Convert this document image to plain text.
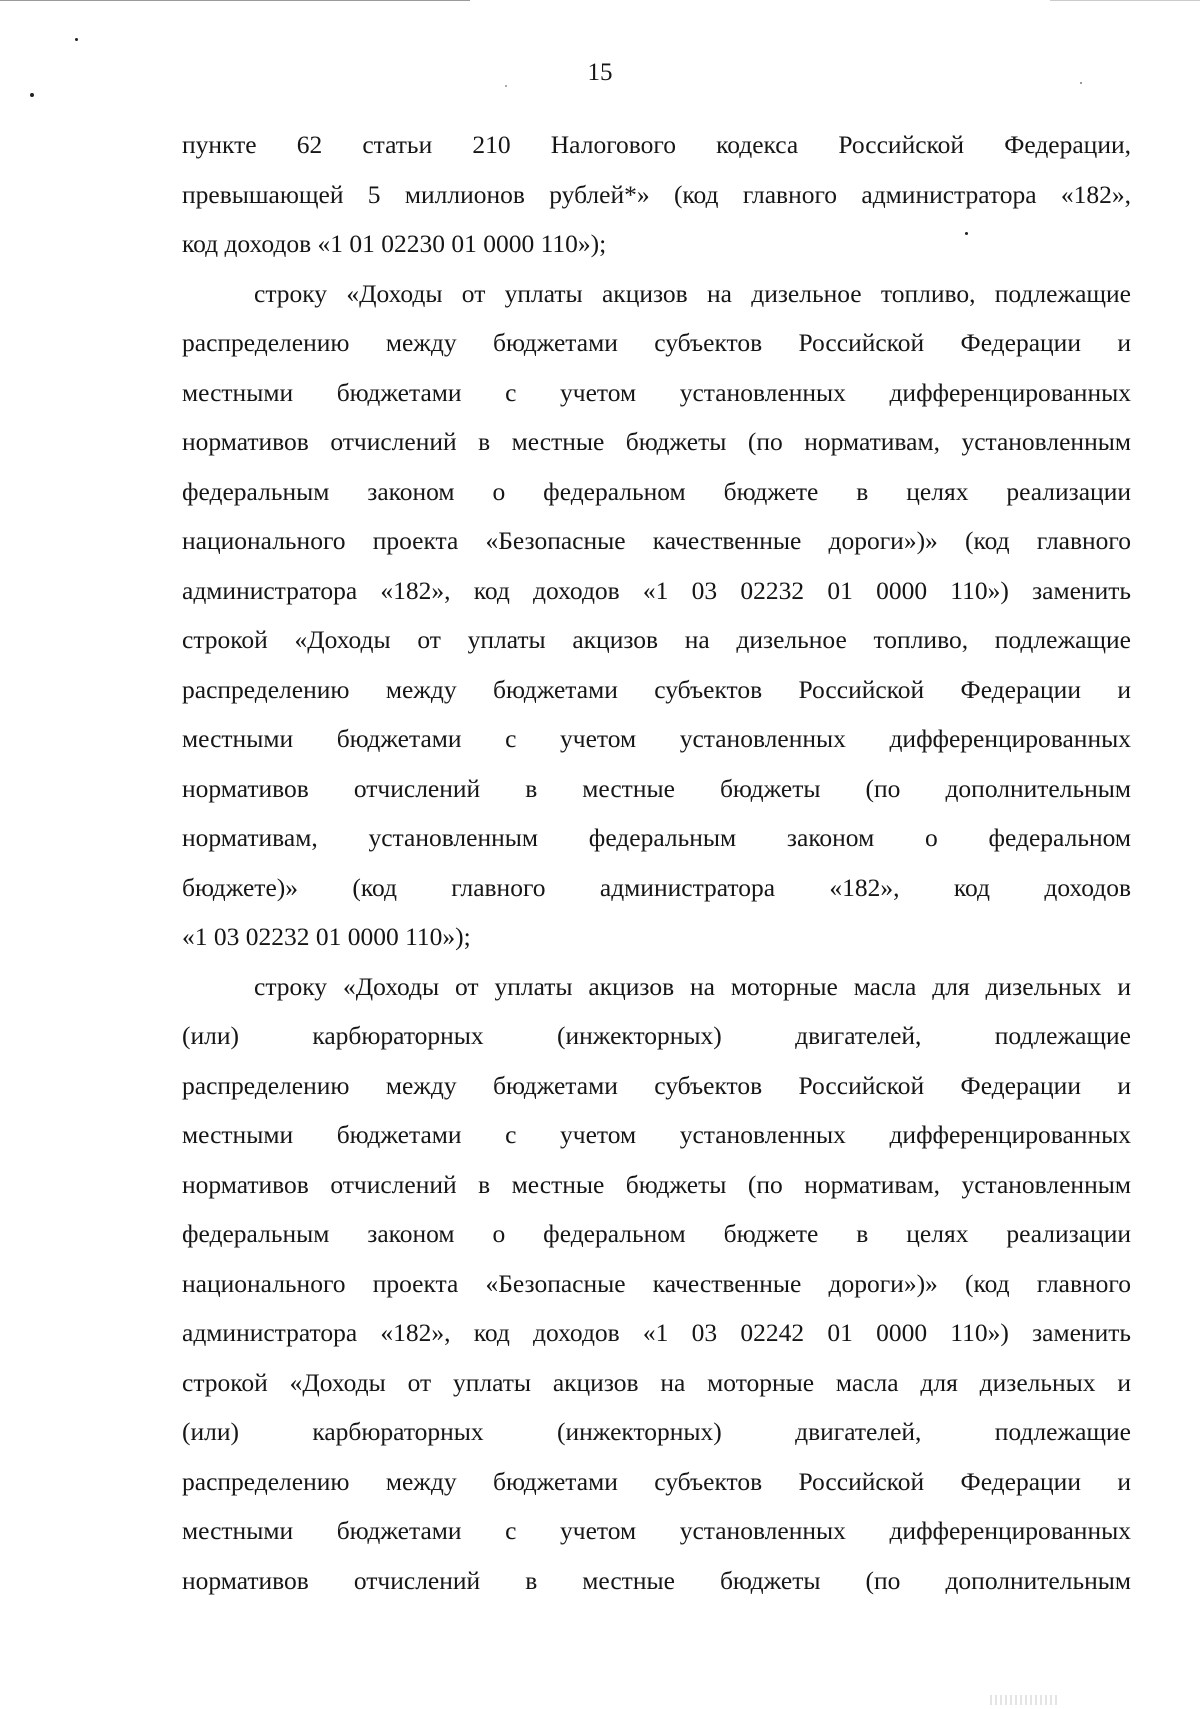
15
пункте 62 статьи 210 Налогового кодекса Российской Федерации,
превышающей 5 миллионов рублей*» (код главного администратора «182»,
код доходов «1 01 02230 01 0000 110»);
строку «Доходы от уплаты акцизов на дизельное топливо, подлежащие
распределению между бюджетами субъектов Российской Федерации и
местными бюджетами с учетом установленных дифференцированных
нормативов отчислений в местные бюджеты (по нормативам, установленным
федеральным законом о федеральном бюджете в целях реализации
национального проекта «Безопасные качественные дороги»)» (код главного
администратора «182», код доходов «1 03 02232 01 0000 110») заменить
строкой «Доходы от уплаты акцизов на дизельное топливо, подлежащие
распределению между бюджетами субъектов Российской Федерации и
местными бюджетами с учетом установленных дифференцированных
нормативов отчислений в местные бюджеты (по дополнительным
нормативам, установленным федеральным законом о федеральном
бюджете)» (код главного администратора «182», код доходов
«1 03 02232 01 0000 110»);
строку «Доходы от уплаты акцизов на моторные масла для дизельных и
(или) карбюраторных (инжекторных) двигателей, подлежащие
распределению между бюджетами субъектов Российской Федерации и
местными бюджетами с учетом установленных дифференцированных
нормативов отчислений в местные бюджеты (по нормативам, установленным
федеральным законом о федеральном бюджете в целях реализации
национального проекта «Безопасные качественные дороги»)» (код главного
администратора «182», код доходов «1 03 02242 01 0000 110») заменить
строкой «Доходы от уплаты акцизов на моторные масла для дизельных и
(или) карбюраторных (инжекторных) двигателей, подлежащие
распределению между бюджетами субъектов Российской Федерации и
местными бюджетами с учетом установленных дифференцированных
нормативов отчислений в местные бюджеты (по дополнительным
